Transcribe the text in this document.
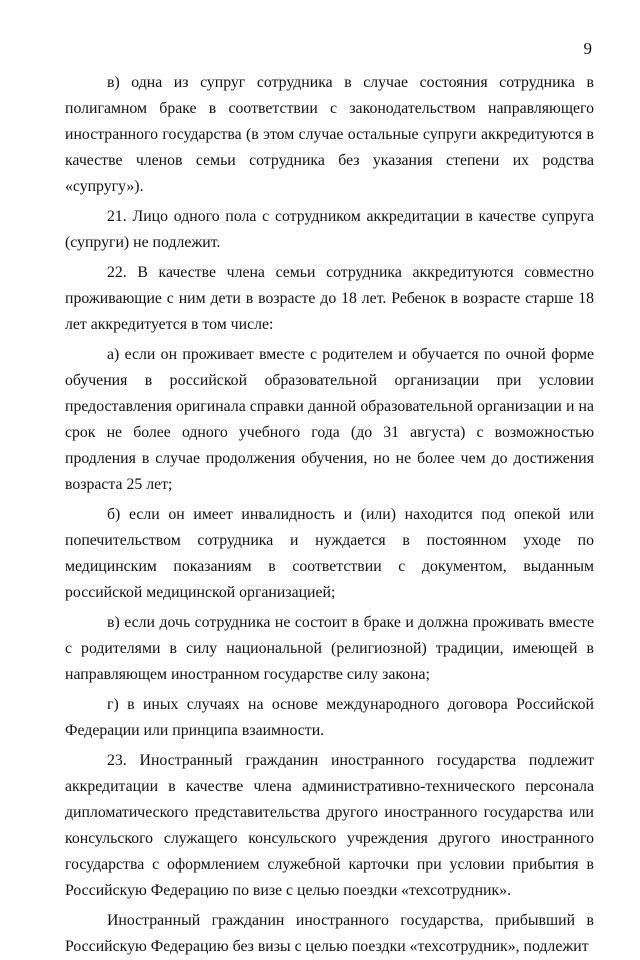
9

в) одна из супруг сотрудника в случае состояния сотрудника в полигамном браке в соответствии с законодательством направляющего иностранного государства (в этом случае остальные супруги аккредитуются в качестве членов семьи сотрудника без указания степени их родства «супругу»).

21. Лицо одного пола с сотрудником аккредитации в качестве супруга (супруги) не подлежит.

22. В качестве члена семьи сотрудника аккредитуются совместно проживающие с ним дети в возрасте до 18 лет. Ребенок в возрасте старше 18 лет аккредитуется в том числе:

а) если он проживает вместе с родителем и обучается по очной форме обучения в российской образовательной организации при условии предоставления оригинала справки данной образовательной организации и на срок не более одного учебного года (до 31 августа) с возможностью продления в случае продолжения обучения, но не более чем до достижения возраста 25 лет;

б) если он имеет инвалидность и (или) находится под опекой или попечительством сотрудника и нуждается в постоянном уходе по медицинским показаниям в соответствии с документом, выданным российской медицинской организацией;

в) если дочь сотрудника не состоит в браке и должна проживать вместе с родителями в силу национальной (религиозной) традиции, имеющей в направляющем иностранном государстве силу закона;

г) в иных случаях на основе международного договора Российской Федерации или принципа взаимности.

23. Иностранный гражданин иностранного государства подлежит аккредитации в качестве члена административно-технического персонала дипломатического представительства другого иностранного государства или консульского служащего консульского учреждения другого иностранного государства с оформлением служебной карточки при условии прибытия в Российскую Федерацию по визе с целью поездки «техсотрудник».

Иностранный гражданин иностранного государства, прибывший в Российскую Федерацию без визы с целью поездки «техсотрудник», подлежит
